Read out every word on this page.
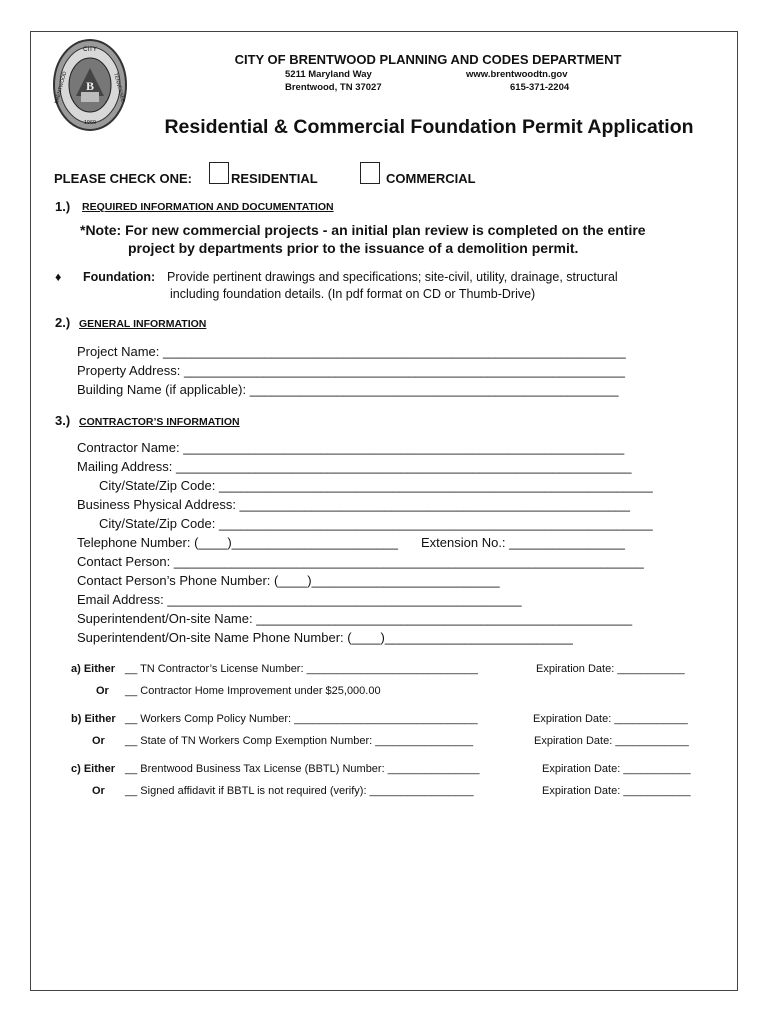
CITY
BRENTWOOD	TENNESSEE
1969
B
CITY OF BRENTWOOD PLANNING AND CODES DEPARTMENT
5211 Maryland Way
Brentwood, TN 37027
www.brentwoodtn.gov
615-371-2204
Residential & Commercial Foundation Permit Application
PLEASE CHECK ONE:	RESIDENTIAL	COMMERCIAL
1.) REQUIRED INFORMATION AND DOCUMENTATION
*Note: For new commercial projects - an initial plan review is completed on the entire
project by departments prior to the issuance of a demolition permit.
♦ Foundation: Provide pertinent drawings and specifications; site-civil, utility, drainage, structural
including foundation details. (In pdf format on CD or Thumb-Drive)
2.) GENERAL INFORMATION
Project Name: ________________________________________________________________
Property Address: _____________________________________________________________
Building Name (if applicable): ___________________________________________________
3.) CONTRACTOR’S INFORMATION
Contractor Name: _____________________________________________________________
Mailing Address: _______________________________________________________________
City/State/Zip Code: ____________________________________________________________
Business Physical Address: ______________________________________________________
City/State/Zip Code: ____________________________________________________________
Telephone Number: (____)_______________________ Extension No.: ________________
Contact Person: _________________________________________________________________
Contact Person’s Phone Number: (____)__________________________
Email Address: _________________________________________________
Superintendent/On-site Name: ____________________________________________________
Superintendent/On-site Name Phone Number: (____)__________________________
a) Either __ TN Contractor’s License Number: ____________________________	Expiration Date: ___________
Or __ Contractor Home Improvement under $25,000.00
b) Either __ Workers Comp Policy Number: ______________________________	Expiration Date: ____________
Or __ State of TN Workers Comp Exemption Number: ________________	Expiration Date: ____________
c) Either __ Brentwood Business Tax License (BBTL) Number: _______________	Expiration Date: ___________
Or __ Signed affidavit if BBTL is not required (verify): _________________	Expiration Date: ___________
